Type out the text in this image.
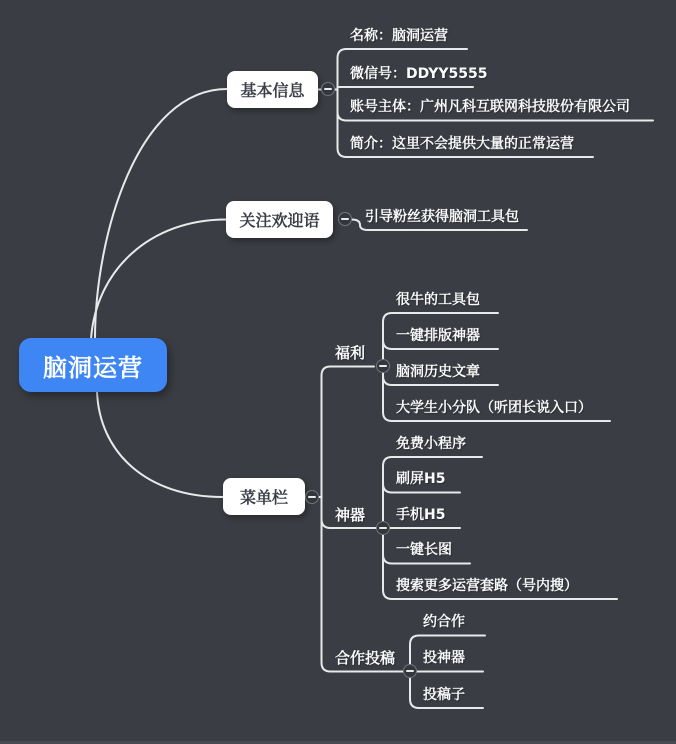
脑洞运营
基本信息
关注欢迎语
菜单栏
名称：脑洞运营
微信号：DDYY5555
账号主体：广州凡科互联网科技股份有限公司
简介：这里不会提供大量的正常运营
引导粉丝获得脑洞工具包
福利
神器
合作投稿
很牛的工具包
一键排版神器
脑洞历史文章
大学生小分队（听团长说入口）
免费小程序
刷屏H5
手机H5
一键长图
搜索更多运营套路（号内搜）
约合作
投神器
投稿子
